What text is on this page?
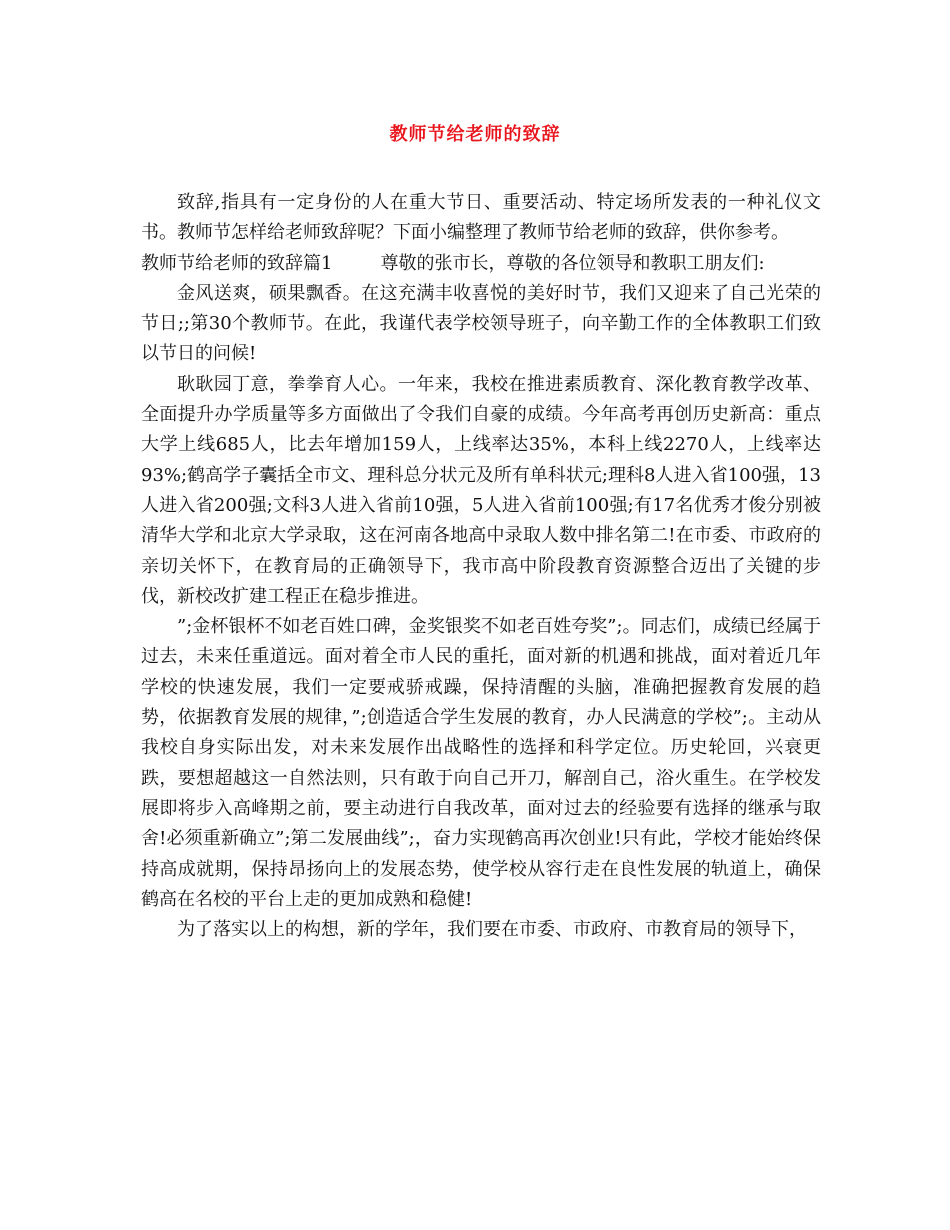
教师节给老师的致辞

致辞,指具有一定身份的人在重大节日、重要活动、特定场所发表的一种礼仪文书。教师节怎样给老师致辞呢？下面小编整理了教师节给老师的致辞，供你参考。
教师节给老师的致辞篇1	尊敬的张市长，尊敬的各位领导和教职工朋友们:

金风送爽，硕果飘香。在这充满丰收喜悦的美好时节，我们又迎来了自己光荣的节日;;第30个教师节。在此，我谨代表学校领导班子，向辛勤工作的全体教职工们致以节日的问候!

耿耿园丁意，拳拳育人心。一年来，我校在推进素质教育、深化教育教学改革、全面提升办学质量等多方面做出了令我们自豪的成绩。今年高考再创历史新高：重点大学上线685人，比去年增加159人，上线率达35%，本科上线2270人，上线率达93%;鹤高学子囊括全市文、理科总分状元及所有单科状元;理科8人进入省100强，13人进入省200强;文科3人进入省前10强，5人进入省前100强;有17名优秀才俊分别被清华大学和北京大学录取，这在河南各地高中录取人数中排名第二!在市委、市政府的亲切关怀下，在教育局的正确领导下，我市高中阶段教育资源整合迈出了关键的步伐，新校改扩建工程正在稳步推进。

”;金杯银杯不如老百姓口碑，金奖银奖不如老百姓夸奖”;。同志们，成绩已经属于过去，未来任重道远。面对着全市人民的重托，面对新的机遇和挑战，面对着近几年学校的快速发展，我们一定要戒骄戒躁，保持清醒的头脑，准确把握教育发展的趋势，依据教育发展的规律，”;创造适合学生发展的教育，办人民满意的学校”;。主动从我校自身实际出发，对未来发展作出战略性的选择和科学定位。历史轮回，兴衰更跌，要想超越这一自然法则，只有敢于向自己开刀，解剖自己，浴火重生。在学校发展即将步入高峰期之前，要主动进行自我改革，面对过去的经验要有选择的继承与取舍!必须重新确立”;第二发展曲线”;，奋力实现鹤高再次创业!只有此，学校才能始终保持高成就期，保持昂扬向上的发展态势，使学校从容行走在良性发展的轨道上，确保鹤高在名校的平台上走的更加成熟和稳健!

为了落实以上的构想，新的学年，我们要在市委、市政府、市教育局的领导下，
